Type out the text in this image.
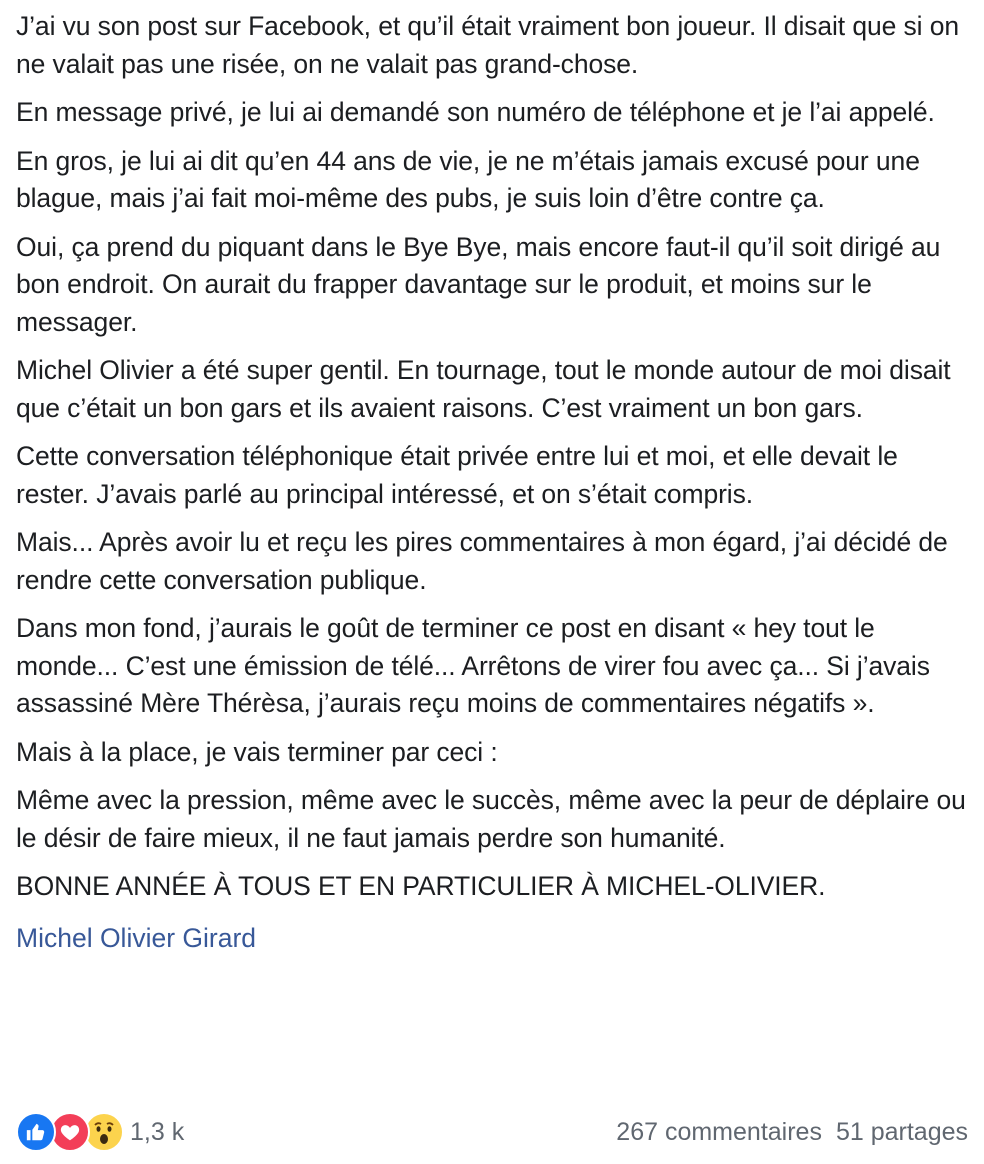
J’ai vu son post sur Facebook, et qu’il était vraiment bon joueur. Il disait que si on ne valait pas une risée, on ne valait pas grand-chose.

En message privé, je lui ai demandé son numéro de téléphone et je l’ai appelé.

En gros, je lui ai dit qu’en 44 ans de vie, je ne m’étais jamais excusé pour une blague, mais j’ai fait moi-même des pubs, je suis loin d’être contre ça.

Oui, ça prend du piquant dans le Bye Bye, mais encore faut-il qu’il soit dirigé au bon endroit. On aurait du frapper davantage sur le produit, et moins sur le messager.

Michel Olivier a été super gentil. En tournage, tout le monde autour de moi disait que c’était un bon gars et ils avaient raisons. C’est vraiment un bon gars.

Cette conversation téléphonique était privée entre lui et moi, et elle devait le rester. J’avais parlé au principal intéressé, et on s’était compris.

Mais... Après avoir lu et reçu les pires commentaires à mon égard, j’ai décidé de rendre cette conversation publique.

Dans mon fond, j’aurais le goût de terminer ce post en disant « hey tout le monde... C’est une émission de télé... Arrêtons de virer fou avec ça... Si j’avais assassiné Mère Thérèsa, j’aurais reçu moins de commentaires négatifs ».

Mais à la place, je vais terminer par ceci :

Même avec la pression, même avec le succès, même avec la peur de déplaire ou le désir de faire mieux, il ne faut jamais perdre son humanité.

BONNE ANNÉE À TOUS ET EN PARTICULIER À MICHEL-OLIVIER.

Michel Olivier Girard
1,3 k	267 commentaires 51 partages
